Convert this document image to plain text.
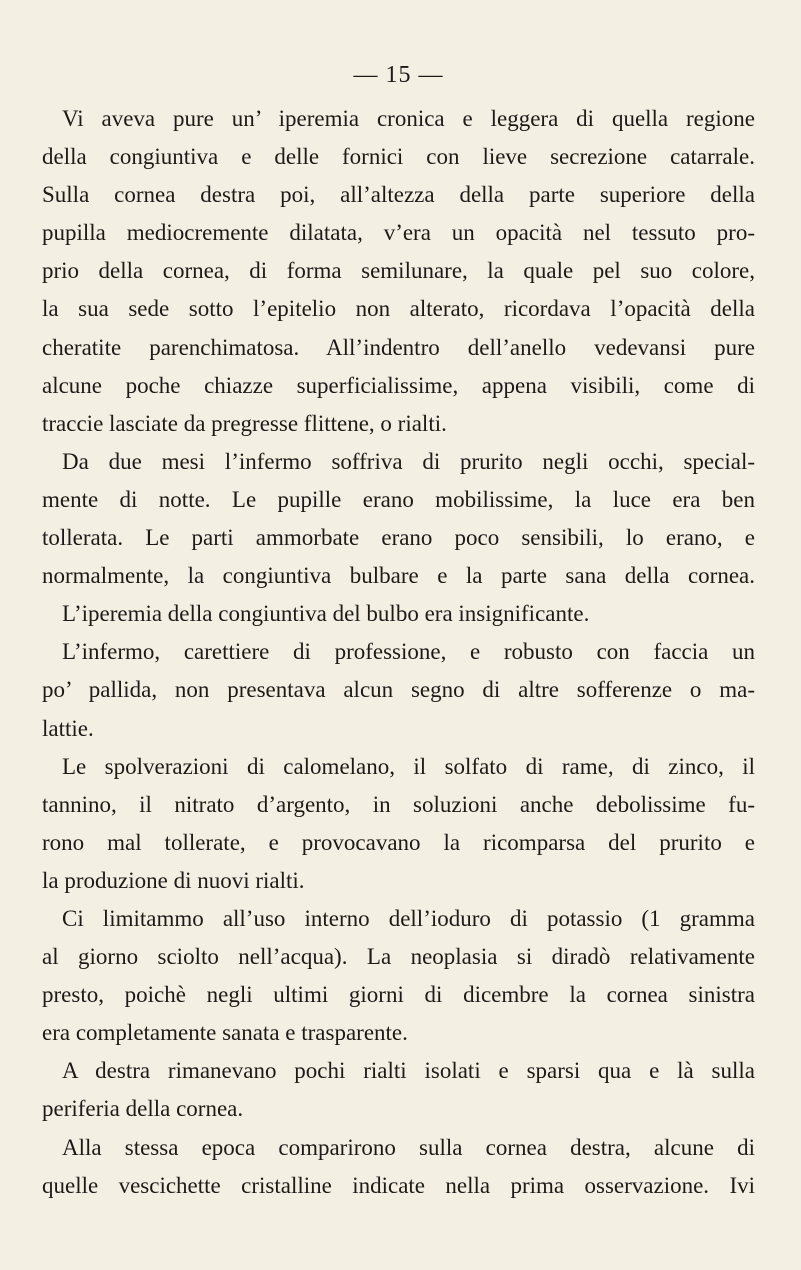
— 15 —
Vi aveva pure un’ iperemia cronica e leggera di quella regione
della congiuntiva e delle fornici con lieve secrezione catarrale.
Sulla cornea destra poi, all’altezza della parte superiore della
pupilla mediocremente dilatata, v’era un opacità nel tessuto pro-
prio della cornea, di forma semilunare, la quale pel suo colore,
la sua sede sotto l’epitelio non alterato, ricordava l’opacità della
cheratite parenchimatosa. All’indentro dell’anello vedevansi pure
alcune poche chiazze superficialissime, appena visibili, come di
traccie lasciate da pregresse flittene, o rialti.
Da due mesi l’infermo soffriva di prurito negli occhi, special-
mente di notte. Le pupille erano mobilissime, la luce era ben
tollerata. Le parti ammorbate erano poco sensibili, lo erano, e
normalmente, la congiuntiva bulbare e la parte sana della cornea.
L’iperemia della congiuntiva del bulbo era insignificante.
L’infermo, carettiere di professione, e robusto con faccia un
po’ pallida, non presentava alcun segno di altre sofferenze o ma-
lattie.
Le spolverazioni di calomelano, il solfato di rame, di zinco, il
tannino, il nitrato d’argento, in soluzioni anche debolissime fu-
rono mal tollerate, e provocavano la ricomparsa del prurito e
la produzione di nuovi rialti.
Ci limitammo all’uso interno dell’ioduro di potassio (1 gramma
al giorno sciolto nell’acqua). La neoplasia si diradò relativamente
presto, poichè negli ultimi giorni di dicembre la cornea sinistra
era completamente sanata e trasparente.
A destra rimanevano pochi rialti isolati e sparsi qua e là sulla
periferia della cornea.
Alla stessa epoca comparirono sulla cornea destra, alcune di
quelle vescichette cristalline indicate nella prima osservazione. Ivi
